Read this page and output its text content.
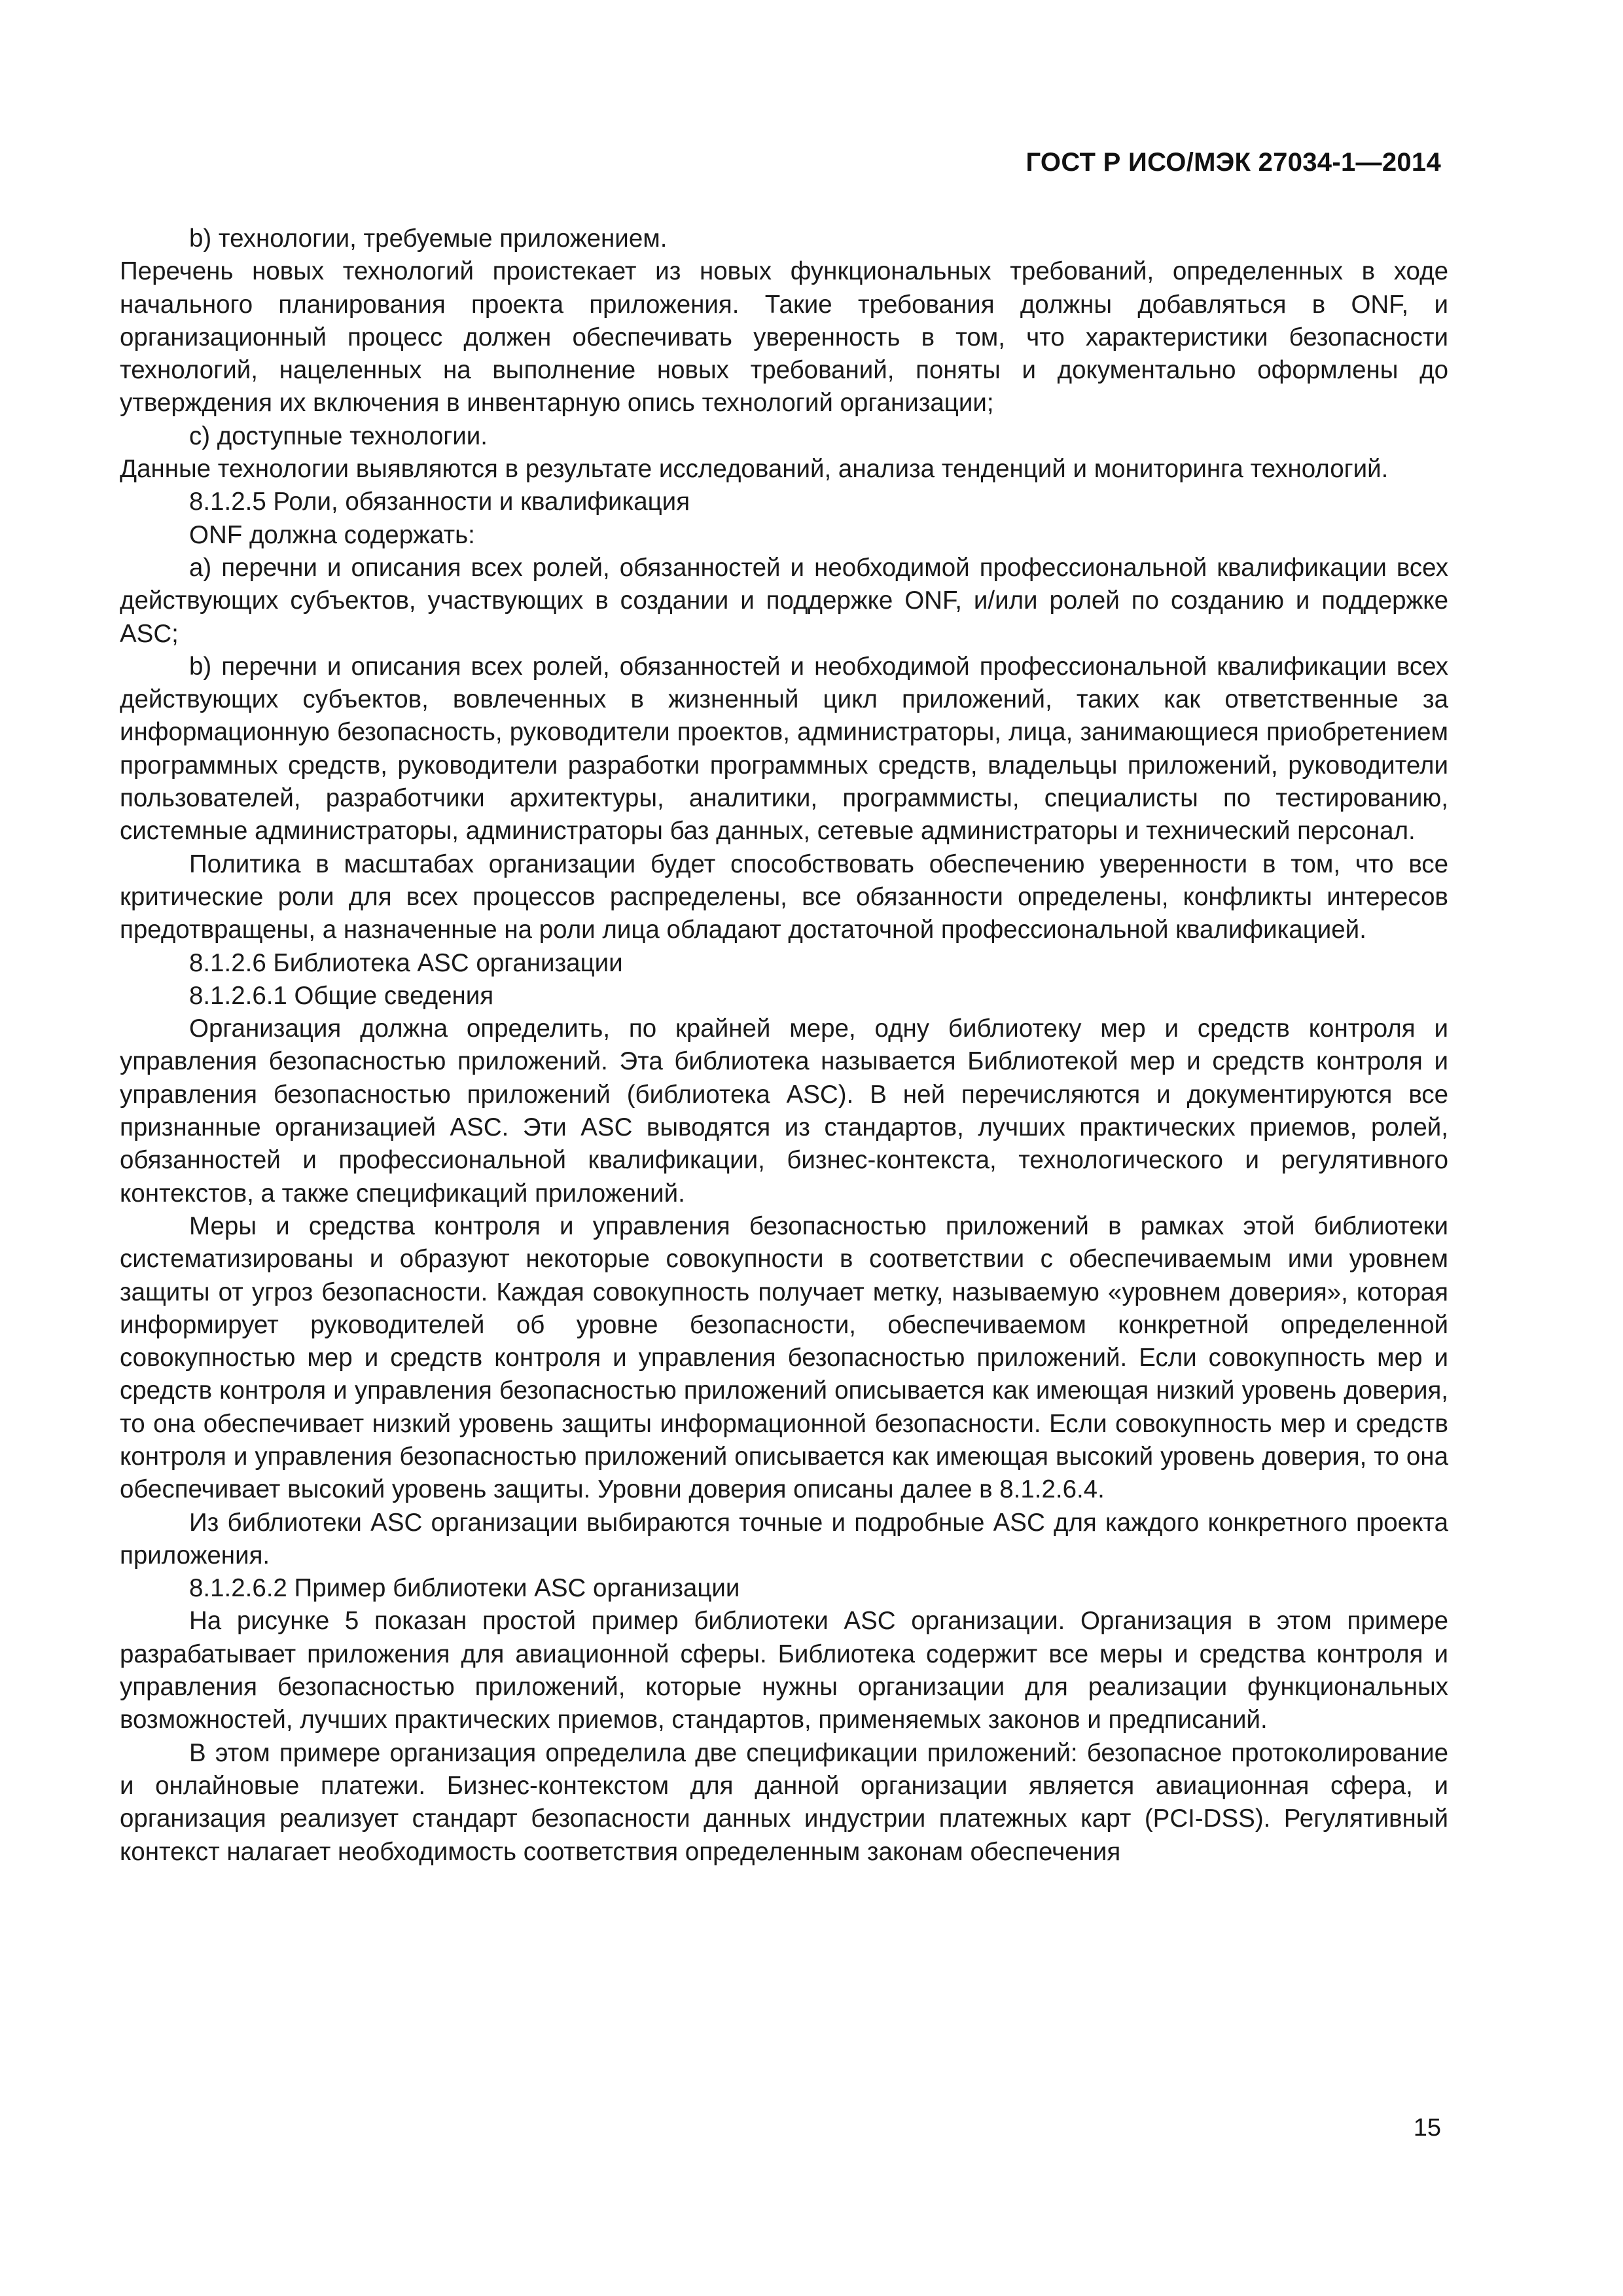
ГОСТ Р ИСО/МЭК 27034-1—2014

b) технологии, требуемые приложением.

Перечень новых технологий проистекает из новых функциональных требований, определенных в ходе начального планирования проекта приложения. Такие требования должны добавляться в ONF, и организационный процесс должен обеспечивать уверенность в том, что характеристики безопасности технологий, нацеленных на выполнение новых требований, поняты и документально оформлены до утверждения их включения в инвентарную опись технологий организации;

c) доступные технологии.

Данные технологии выявляются в результате исследований, анализа тенденций и мониторинга технологий.

8.1.2.5 Роли, обязанности и квалификация

ONF должна содержать:

a) перечни и описания всех ролей, обязанностей и необходимой профессиональной квалификации всех действующих субъектов, участвующих в создании и поддержке ONF, и/или ролей по созданию и поддержке ASC;

b) перечни и описания всех ролей, обязанностей и необходимой профессиональной квалификации всех действующих субъектов, вовлеченных в жизненный цикл приложений, таких как ответственные за информационную безопасность, руководители проектов, администраторы, лица, занимающиеся приобретением программных средств, руководители разработки программных средств, владельцы приложений, руководители пользователей, разработчики архитектуры, аналитики, программисты, специалисты по тестированию, системные администраторы, администраторы баз данных, сетевые администраторы и технический персонал.

Политика в масштабах организации будет способствовать обеспечению уверенности в том, что все критические роли для всех процессов распределены, все обязанности определены, конфликты интересов предотвращены, а назначенные на роли лица обладают достаточной профессиональной квалификацией.

8.1.2.6 Библиотека ASC организации

8.1.2.6.1 Общие сведения

Организация должна определить, по крайней мере, одну библиотеку мер и средств контроля и управления безопасностью приложений. Эта библиотека называется Библиотекой мер и средств контроля и управления безопасностью приложений (библиотека ASC). В ней перечисляются и документируются все признанные организацией ASC. Эти ASC выводятся из стандартов, лучших практических приемов, ролей, обязанностей и профессиональной квалификации, бизнес-контекста, технологического и регулятивного контекстов, а также спецификаций приложений.

Меры и средства контроля и управления безопасностью приложений в рамках этой библиотеки систематизированы и образуют некоторые совокупности в соответствии с обеспечиваемым ими уровнем защиты от угроз безопасности. Каждая совокупность получает метку, называемую «уровнем доверия», которая информирует руководителей об уровне безопасности, обеспечиваемом конкретной определенной совокупностью мер и средств контроля и управления безопасностью приложений. Если совокупность мер и средств контроля и управления безопасностью приложений описывается как имеющая низкий уровень доверия, то она обеспечивает низкий уровень защиты информационной безопасности. Если совокупность мер и средств контроля и управления безопасностью приложений описывается как имеющая высокий уровень доверия, то она обеспечивает высокий уровень защиты. Уровни доверия описаны далее в 8.1.2.6.4.

Из библиотеки ASC организации выбираются точные и подробные ASC для каждого конкретного проекта приложения.

8.1.2.6.2 Пример библиотеки ASC организации

На рисунке 5 показан простой пример библиотеки ASC организации. Организация в этом примере разрабатывает приложения для авиационной сферы. Библиотека содержит все меры и средства контроля и управления безопасностью приложений, которые нужны организации для реализации функциональных возможностей, лучших практических приемов, стандартов, применяемых законов и предписаний.

В этом примере организация определила две спецификации приложений: безопасное протоколирование и онлайновые платежи. Бизнес-контекстом для данной организации является авиационная сфера, и организация реализует стандарт безопасности данных индустрии платежных карт (PCI-DSS). Регулятивный контекст налагает необходимость соответствия определенным законам обеспечения

15
